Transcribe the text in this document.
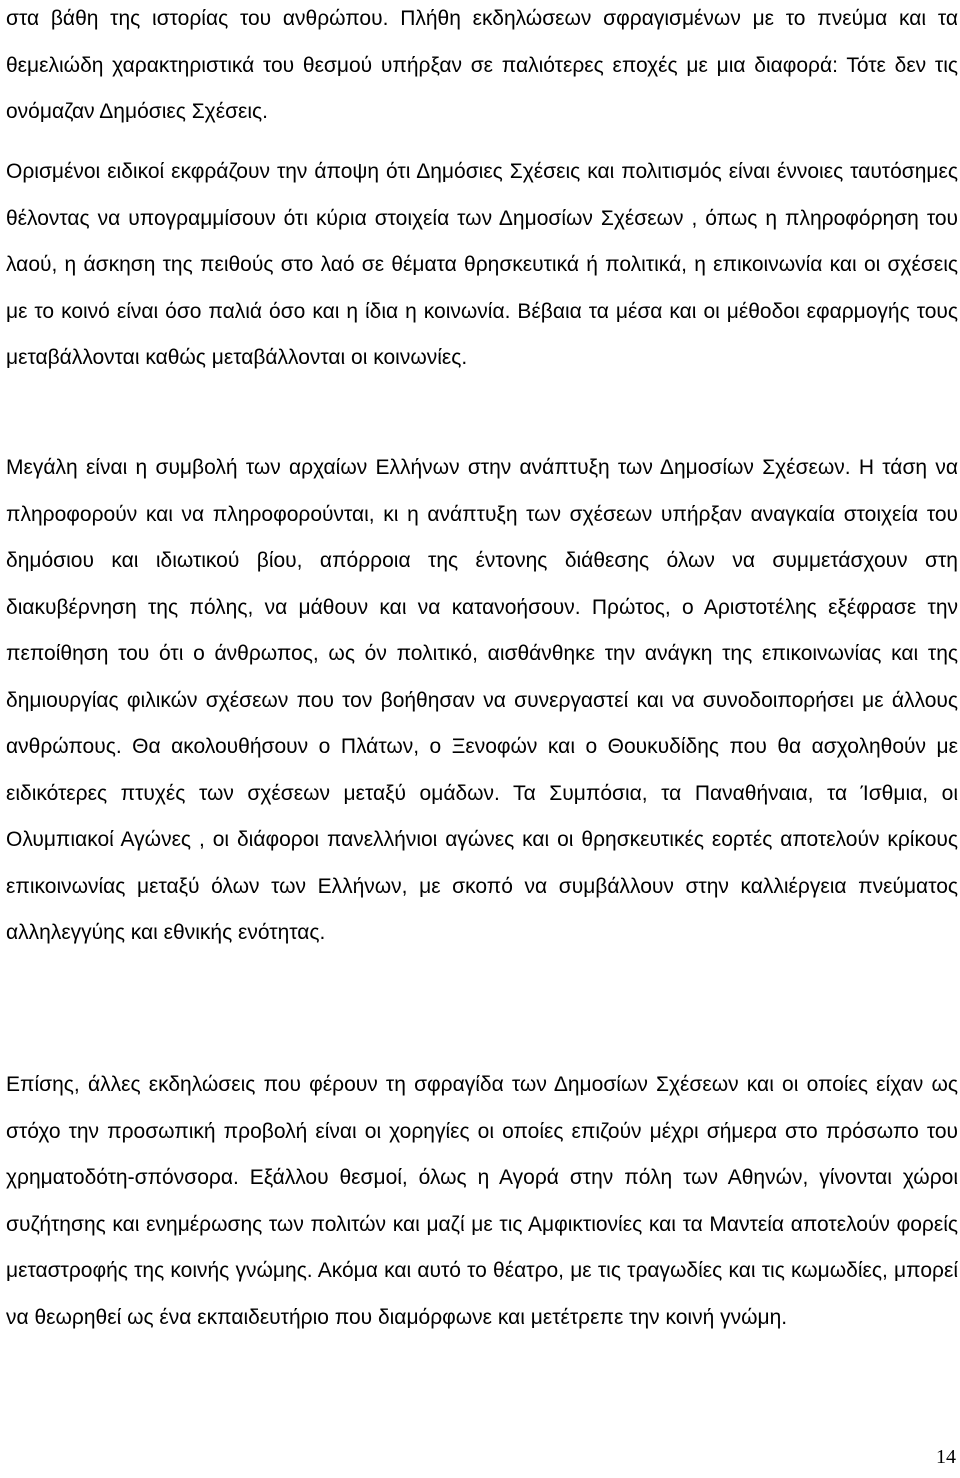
στα βάθη της ιστορίας του ανθρώπου. Πλήθη εκδηλώσεων σφραγισμένων με το πνεύμα και τα θεμελιώδη χαρακτηριστικά του θεσμού υπήρξαν σε παλιότερες εποχές με μια διαφορά: Τότε δεν τις ονόμαζαν Δημόσιες Σχέσεις.

Ορισμένοι ειδικοί εκφράζουν την άποψη ότι Δημόσιες Σχέσεις και πολιτισμός είναι έννοιες ταυτόσημες θέλοντας να υπογραμμίσουν ότι κύρια στοιχεία των Δημοσίων Σχέσεων , όπως η πληροφόρηση του λαού, η άσκηση της πειθούς στο λαό σε θέματα θρησκευτικά ή πολιτικά, η επικοινωνία και οι σχέσεις με το κοινό είναι όσο παλιά όσο και η ίδια η κοινωνία. Βέβαια τα μέσα και οι μέθοδοι εφαρμογής τους μεταβάλλονται καθώς μεταβάλλονται οι κοινωνίες.

Μεγάλη είναι η συμβολή των αρχαίων Ελλήνων στην ανάπτυξη των Δημοσίων Σχέσεων. Η τάση να πληροφορούν και να πληροφορούνται, κι η ανάπτυξη των σχέσεων υπήρξαν αναγκαία στοιχεία του δημόσιου και ιδιωτικού βίου, απόρροια της έντονης διάθεσης όλων να συμμετάσχουν στη διακυβέρνηση της πόλης, να μάθουν και να κατανοήσουν. Πρώτος, ο Αριστοτέλης εξέφρασε την πεποίθηση του ότι ο άνθρωπος, ως όν πολιτικό, αισθάνθηκε την ανάγκη της επικοινωνίας και της δημιουργίας φιλικών σχέσεων που τον βοήθησαν να συνεργαστεί και να συνοδοιπορήσει με άλλους ανθρώπους. Θα ακολουθήσουν ο Πλάτων, ο Ξενοφών και ο Θουκυδίδης που θα ασχοληθούν με ειδικότερες πτυχές των σχέσεων μεταξύ ομάδων. Τα Συμπόσια, τα Παναθήναια, τα Ίσθμια, οι Ολυμπιακοί Αγώνες , οι διάφοροι πανελλήνιοι αγώνες και οι θρησκευτικές εορτές αποτελούν κρίκους επικοινωνίας μεταξύ όλων των Ελλήνων, με σκοπό να συμβάλλουν στην καλλιέργεια πνεύματος αλληλεγγύης και εθνικής ενότητας.

Επίσης, άλλες εκδηλώσεις που φέρουν τη σφραγίδα των Δημοσίων Σχέσεων και οι οποίες είχαν ως στόχο την προσωπική προβολή είναι οι χορηγίες οι οποίες επιζούν μέχρι σήμερα στο πρόσωπο του χρηματοδότη-σπόνσορα. Εξάλλου θεσμοί, όλως η Αγορά στην πόλη των Αθηνών, γίνονται χώροι συζήτησης και ενημέρωσης των πολιτών και μαζί με τις Αμφικτιονίες και τα Μαντεία αποτελούν φορείς μεταστροφής της κοινής γνώμης. Ακόμα και αυτό το θέατρο, με τις τραγωδίες και τις κωμωδίες, μπορεί να θεωρηθεί ως ένα εκπαιδευτήριο που διαμόρφωνε και μετέτρεπε την κοινή γνώμη.

14
